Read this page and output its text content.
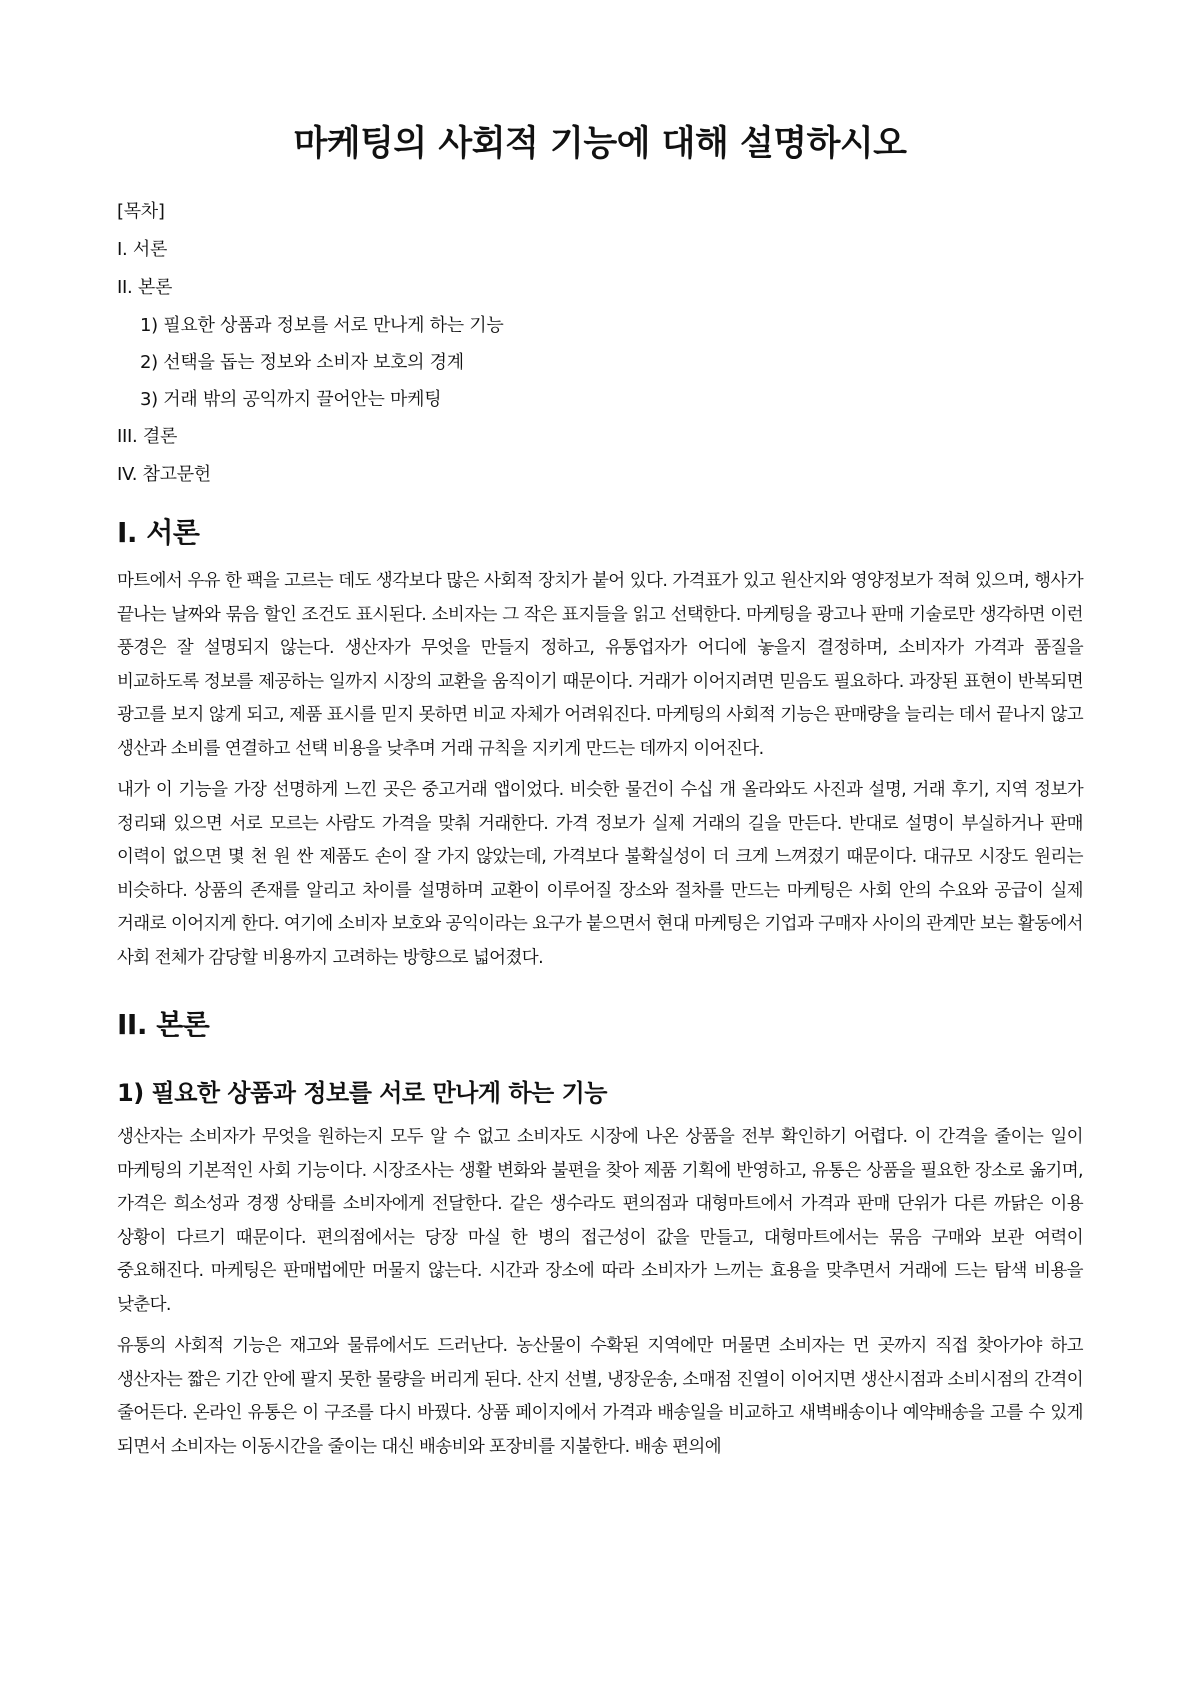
마케팅의 사회적 기능에 대해 설명하시오
[목차]
I. 서론
II. 본론
1) 필요한 상품과 정보를 서로 만나게 하는 기능
2) 선택을 돕는 정보와 소비자 보호의 경계
3) 거래 밖의 공익까지 끌어안는 마케팅
III. 결론
IV. 참고문헌
I. 서론

마트에서 우유 한 팩을 고르는 데도 생각보다 많은 사회적 장치가 붙어 있다. 가격표가 있고 원산지와 영양정보가 적혀 있으며, 행사가 끝나는 날짜와 묶음 할인 조건도 표시된다. 소비자는 그 작은 표지들을 읽고 선택한다. 마케팅을 광고나 판매 기술로만 생각하면 이런 풍경은 잘 설명되지 않는다. 생산자가 무엇을 만들지 정하고, 유통업자가 어디에 놓을지 결정하며, 소비자가 가격과 품질을 비교하도록 정보를 제공하는 일까지 시장의 교환을 움직이기 때문이다. 거래가 이어지려면 믿음도 필요하다. 과장된 표현이 반복되면 광고를 보지 않게 되고, 제품 표시를 믿지 못하면 비교 자체가 어려워진다. 마케팅의 사회적 기능은 판매량을 늘리는 데서 끝나지 않고 생산과 소비를 연결하고 선택 비용을 낮추며 거래 규칙을 지키게 만드는 데까지 이어진다.

내가 이 기능을 가장 선명하게 느낀 곳은 중고거래 앱이었다. 비슷한 물건이 수십 개 올라와도 사진과 설명, 거래 후기, 지역 정보가 정리돼 있으면 서로 모르는 사람도 가격을 맞춰 거래한다. 가격 정보가 실제 거래의 길을 만든다. 반대로 설명이 부실하거나 판매 이력이 없으면 몇 천 원 싼 제품도 손이 잘 가지 않았는데, 가격보다 불확실성이 더 크게 느껴졌기 때문이다. 대규모 시장도 원리는 비슷하다. 상품의 존재를 알리고 차이를 설명하며 교환이 이루어질 장소와 절차를 만드는 마케팅은 사회 안의 수요와 공급이 실제 거래로 이어지게 한다. 여기에 소비자 보호와 공익이라는 요구가 붙으면서 현대 마케팅은 기업과 구매자 사이의 관계만 보는 활동에서 사회 전체가 감당할 비용까지 고려하는 방향으로 넓어졌다.

II. 본론
1) 필요한 상품과 정보를 서로 만나게 하는 기능

생산자는 소비자가 무엇을 원하는지 모두 알 수 없고 소비자도 시장에 나온 상품을 전부 확인하기 어렵다. 이 간격을 줄이는 일이 마케팅의 기본적인 사회 기능이다. 시장조사는 생활 변화와 불편을 찾아 제품 기획에 반영하고, 유통은 상품을 필요한 장소로 옮기며, 가격은 희소성과 경쟁 상태를 소비자에게 전달한다. 같은 생수라도 편의점과 대형마트에서 가격과 판매 단위가 다른 까닭은 이용 상황이 다르기 때문이다. 편의점에서는 당장 마실 한 병의 접근성이 값을 만들고, 대형마트에서는 묶음 구매와 보관 여력이 중요해진다. 마케팅은 판매법에만 머물지 않는다. 시간과 장소에 따라 소비자가 느끼는 효용을 맞추면서 거래에 드는 탐색 비용을 낮춘다.

유통의 사회적 기능은 재고와 물류에서도 드러난다. 농산물이 수확된 지역에만 머물면 소비자는 먼 곳까지 직접 찾아가야 하고 생산자는 짧은 기간 안에 팔지 못한 물량을 버리게 된다. 산지 선별, 냉장운송, 소매점 진열이 이어지면 생산시점과 소비시점의 간격이 줄어든다. 온라인 유통은 이 구조를 다시 바꿨다. 상품 페이지에서 가격과 배송일을 비교하고 새벽배송이나 예약배송을 고를 수 있게 되면서 소비자는 이동시간을 줄이는 대신 배송비와 포장비를 지불한다. 배송 편의에
